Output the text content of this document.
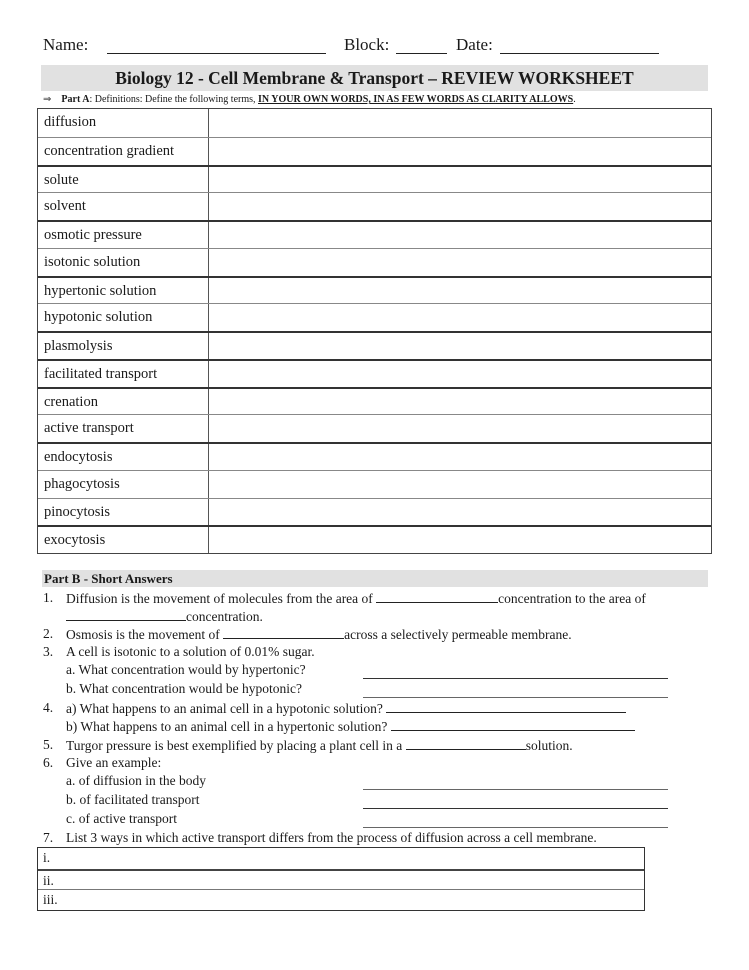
Name:	Block:	Date:
Biology 12 - Cell Membrane & Transport – REVIEW WORKSHEET
⇒ Part A: Definitions: Define the following terms, IN YOUR OWN WORDS, IN AS FEW WORDS AS CLARITY ALLOWS.
diffusion
concentration gradient
solute
solvent
osmotic pressure
isotonic solution
hypertonic solution
hypotonic solution
plasmolysis
facilitated transport
crenation
active transport
endocytosis
phagocytosis
pinocytosis
exocytosis
Part B - Short Answers
1. Diffusion is the movement of molecules from the area of	concentration to the area of
concentration.
2. Osmosis is the movement of	across a selectively permeable membrane.
3. A cell is isotonic to a solution of 0.01% sugar.
a. What concentration would by hypertonic?
b. What concentration would be hypotonic?
4. a) What happens to an animal cell in a hypotonic solution?
b) What happens to an animal cell in a hypertonic solution?
5. Turgor pressure is best exemplified by placing a plant cell in a	solution.
6. Give an example:
a. of diffusion in the body
b. of facilitated transport
c. of active transport
7. List 3 ways in which active transport differs from the process of diffusion across a cell membrane.
i.
ii.
iii.
